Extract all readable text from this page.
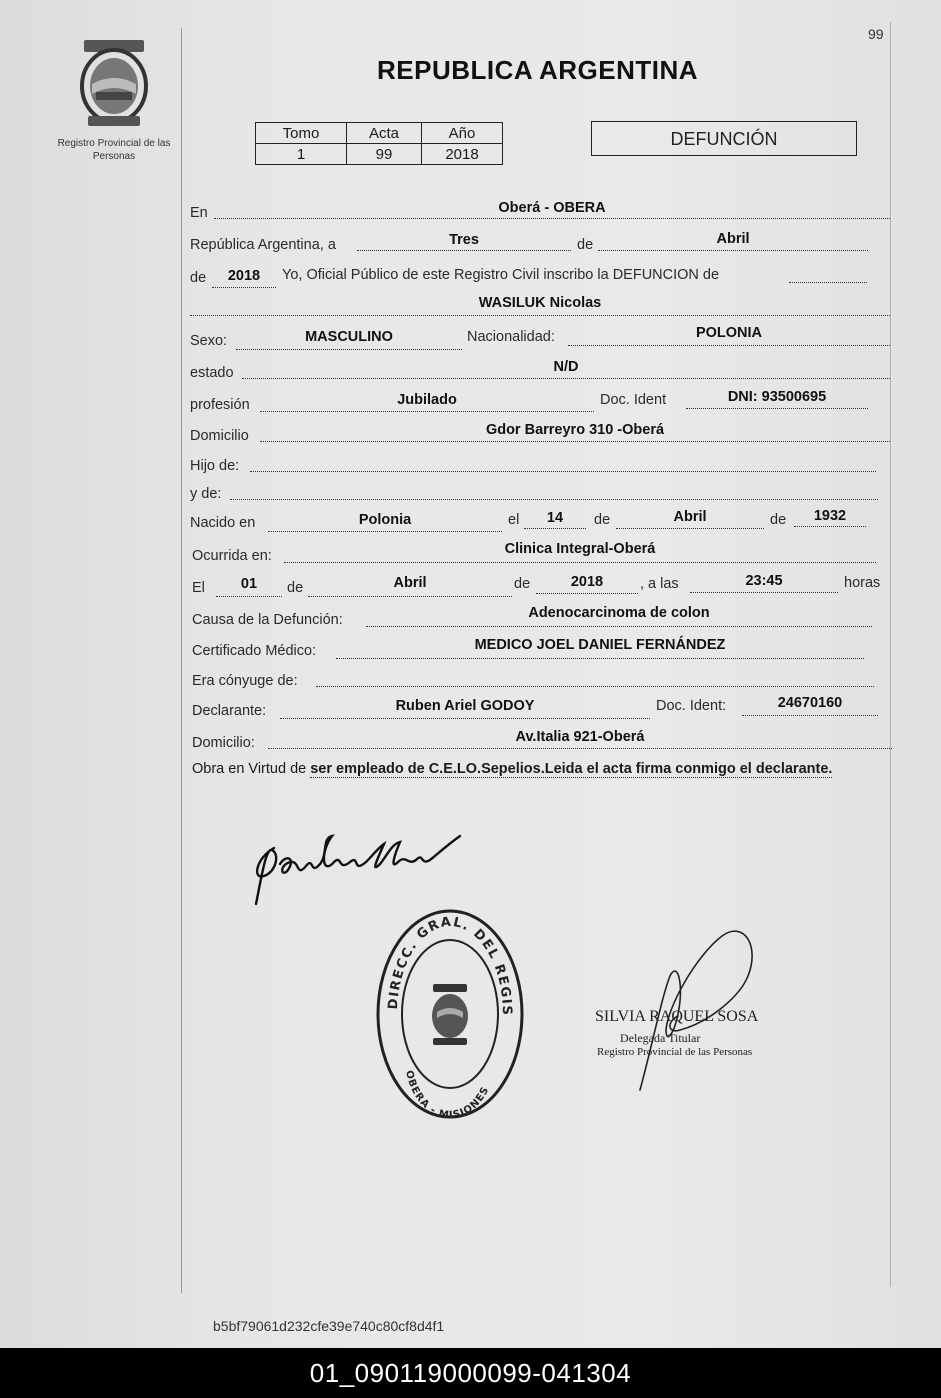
99
Registro Provincial de las Personas
REPUBLICA ARGENTINA
Tomo	Acta	Año
1	99	2018
DEFUNCIÓN
En	Oberá - OBERA
República Argentina, a	Tres	de	Abril
de	2018	Yo, Oficial Público de este Registro Civil inscribo la DEFUNCION de
WASILUK Nicolas
Sexo:	MASCULINO	Nacionalidad:	POLONIA
estado	N/D
profesión	Jubilado	Doc. Ident	DNI: 93500695
Domicilio	Gdor Barreyro 310 -Oberá
Hijo de:
y de:
Nacido en	Polonia	el	14	de	Abril	de	1932
Ocurrida en:	Clinica Integral-Oberá
El	01	de	Abril	de	2018	, a las	23:45	horas
Causa de la Defunción:	Adenocarcinoma de colon
Certificado Médico:	MEDICO JOEL DANIEL FERNÁNDEZ
Era cónyuge de:
Declarante:	Ruben Ariel GODOY	Doc. Ident:	24670160
Domicilio:	Av.Italia 921-Oberá
Obra en Virtud de ser empleado de C.E.LO.Sepelios.Leida el acta firma conmigo el declarante.
DIRECC. GRAL. DEL REGIS
OBERA - MISIONES
SILVIA RAQUEL SOSA
Delegada Titular
Registro Provincial de las Personas
b5bf79061d232cfe39e740c80cf8d4f1
01_090119000099-041304
